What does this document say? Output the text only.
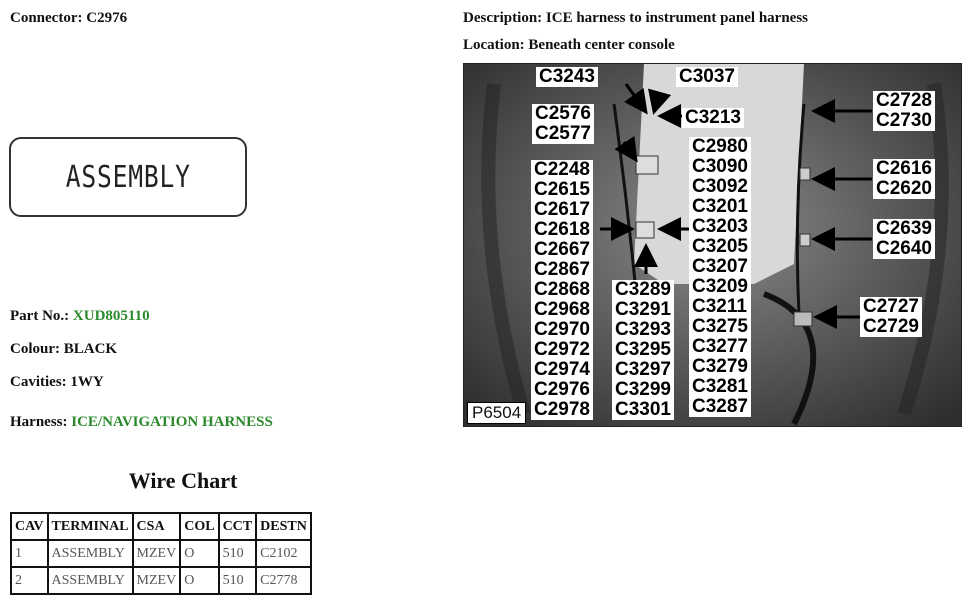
Connector: C2976	Description: ICE harness to instrument panel harness
Location: Beneath center console
ASSEMBLY
Part No.: XUD805110
Colour: BLACK
Cavities: 1WY
Harness: ICE/NAVIGATION HARNESS
Wire Chart
CAV	TERMINAL	CSA	COL	CCT	DESTN
1	ASSEMBLY	MZEV	O	510	C2102
2	ASSEMBLY	MZEV	O	510	C2778
C3243	C3037
C3213
C2576
C2577
C2980
C3090
C3092
C3201
C3203
C3205
C3207
C3209
C3211
C3275
C3277
C3279
C3281
C3287
C2248
C2615
C2617
C2618
C2667
C2867
C2868
C2968
C2970
C2972
C2974
C2976
C2978
C3289
C3291
C3293
C3295
C3297
C3299
C3301
C2728
C2730
C2616
C2620
C2639
C2640
C2727
C2729
P6504
